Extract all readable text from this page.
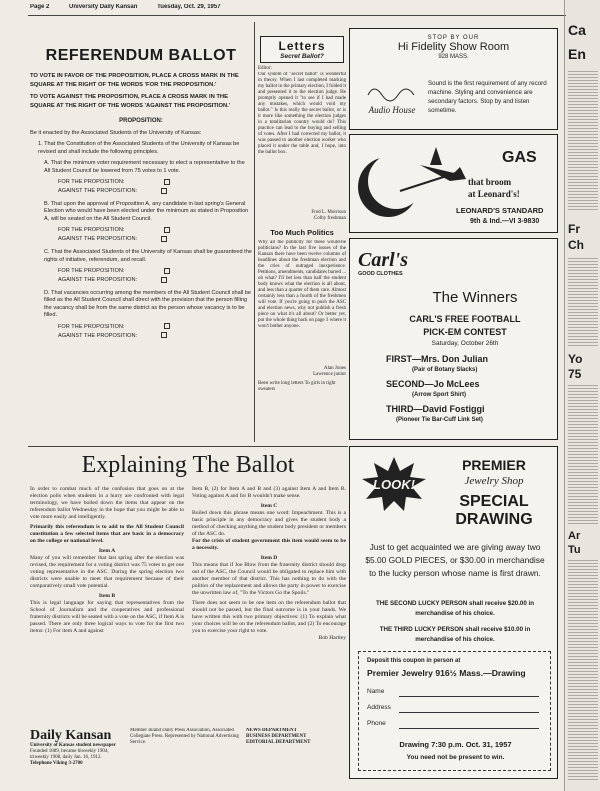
Page 2	University Daily Kansan	Tuesday, Oct. 29, 1957
REFERENDUM BALLOT
TO VOTE IN FAVOR OF THE PROPOSITION, PLACE A CROSS MARK IN THE SQUARE AT THE RIGHT OF THE WORDS 'FOR THE PROPOSITION.'
TO VOTE AGAINST THE PROPOSITION, PLACE A CROSS MARK IN THE SQUARE AT THE RIGHT OF THE WORDS 'AGAINST THE PROPOSITION.'
PROPOSITION:
Be it enacted by the Associated Students of the University of Kansas:
1. That the Constitution of the Associated Students of the University of Kansas be revised and shall include the following principles.
A. That the minimum voter requirement necessary to elect a representative to the All Student Council be lowered from 75 votes to 1 vote.
FOR THE PROPOSITION:
AGAINST THE PROPOSITION:
B. That upon the approval of Proposition A, any candidate in last spring's General Election who would have been elected under the minimum as stated in Proposition A, will be seated on the All Student Council.
FOR THE PROPOSITION:
AGAINST THE PROPOSITION:
C. That the Associated Students of the University of Kansas shall be guaranteed the rights of initiative, referendum, and recall.
FOR THE PROPOSITION:
AGAINST THE PROPOSITION:
D. That vacancies occurring among the members of the All Student Council shall be filled as the All Student Council shall direct with the provision that the person filling the vacancy shall be from the same district as the person whose vacancy is to be filled.
FOR THE PROPOSITION:
AGAINST THE PROPOSITION:
Letters
Secret Ballot?
Editor:
Our system of "secret ballot" is wonderful in theory. When I last completed marking my ballot in the primary election, I folded it and presented it to the election judge. He promptly opened it "to see if I had made any mistakes, which would void my ballot." Is this really the secret ballot, or is it more like something the election judges in a totalitarian country would do? This practice can lead to the buying and selling of votes. After I had corrected my ballot, it was passed to another election worker who placed it under the table and, I hope, into the ballot box.
Fred L. Morrison
Colby freshman
Too Much Politics
Why all the publicity for these would-be politicians? In the last five issues of the Kansan there have been twelve columns of headlines about the freshman election and the cries of outraged inexperience. Petitions, amendments, candidates barred ... oh what? I'll bet less than half the student body knows what the election is all about, and less than a quarter of them care. Almost certainly less than a fourth of the freshmen will vote. If you're going to push the ASC and election news, why not publish a fresh piece on what it's all about? Or better yet, put the whole thing back on page 3 where it won't bother anyone.
Alan Jones
Lawrence junior
Been write long letters To girls in tight sweaters
STOP BY OUR
Hi Fidelity Show Room
928 MASS.
Audio House
Sound is the first requirement of any record machine. Styling and convenience are secondary factors. Stop by and listen sometime.
GAS
that broom
at Leonard's!
LEONARD'S STANDARD
9th & Ind.—VI 3-9830
Carl's
GOOD CLOTHES
The Winners
CARL'S FREE FOOTBALL
PICK-EM CONTEST
Saturday, October 26th
FIRST—Mrs. Don Julian
(Pair of Botany Slacks)
SECOND—Jo McLees
(Arrow Sport Shirt)
THIRD—David Fostiggi
(Pioneer Tie Bar-Cuff Link Set)
Explaining The Ballot
In order to combat much of the confusion that goes on at the election polls when students in a hurry are confronted with legal terminology, we have boiled down the items that appear on the referendum ballot Wednesday in the hope that you might be able to vote more easily and intelligently.
Primarily this referendum is to add to the All Student Council constitution a few selected items that are basic in a democracy on the college or national level.
Item A
Many of you will remember that last spring after the election was revised, the requirement for a voting district was 75 votes to get one voting representative in the ASC. During the spring election two districts were unable to meet that requirement because of their comparatively small vote potential.
Item B
This is legal language for saying that representatives from the School of Journalism and the cooperatives and professional fraternity districts will be seated with a vote on the ASC, if Item A is passed. There are only three logical ways to vote for the first two items: (1) For item A and against
Item B, (2) for Item A and B and (3) against Item A and Item B. Voting against A and for B wouldn't make sense.
Item C
Boiled down this phrase means one word: Impeachment. This is a basic principle in any democracy and gives the student body a method of checking anything the student body president or members of the ASC do.
For the crisis of student government this item would seem to be a necessity.
Item D
This means that if Joe Blow from the fraternity district should drop out of the ASC, the Council would be obligated to replace him with another member of that district. This has nothing to do with the politics of the replacement and allows the party in power to exercise the unwritten law of, "To the Victors Go the Spoils."
There does not seem to be one item on the referendum ballot that should not be passed, but the final outcome is in your hands. We have written this with two primary objectives: (1) To explain what your choices will be on the referendum ballot, and (2) To encourage you to exercise your right to vote.
Bob Hartley
Daily Kansan
University of Kansas student newspaper
Founded 1889, became biweekly 1904, triweekly 1908, daily Jan. 16, 1912.
Telephone Viking 3-2700
Member Inland Daily Press Association, Associated Collegiate Press. Represented by National Advertising Service.
NEWS DEPARTMENT
BUSINESS DEPARTMENT
EDITORIAL DEPARTMENT
LOOK!
PREMIER
Jewelry Shop
SPECIAL
DRAWING
Just to get acquainted we are giving away two $5.00 GOLD PIECES, or $30.00 in merchandise to the lucky person whose name is first drawn.
THE SECOND LUCKY PERSON shall receive $20.00 in merchandise of his choice.
THE THIRD LUCKY PERSON shall receive $10.00 in merchandise of his choice.
Deposit this coupon in person at
Premier Jewelry 916½ Mass.—Drawing
Name
Address
Phone
Drawing 7:30 p.m. Oct. 31, 1957
You need not be present to win.
Ca
En
Fr
Ch
Yo
75
Ar
Tu
